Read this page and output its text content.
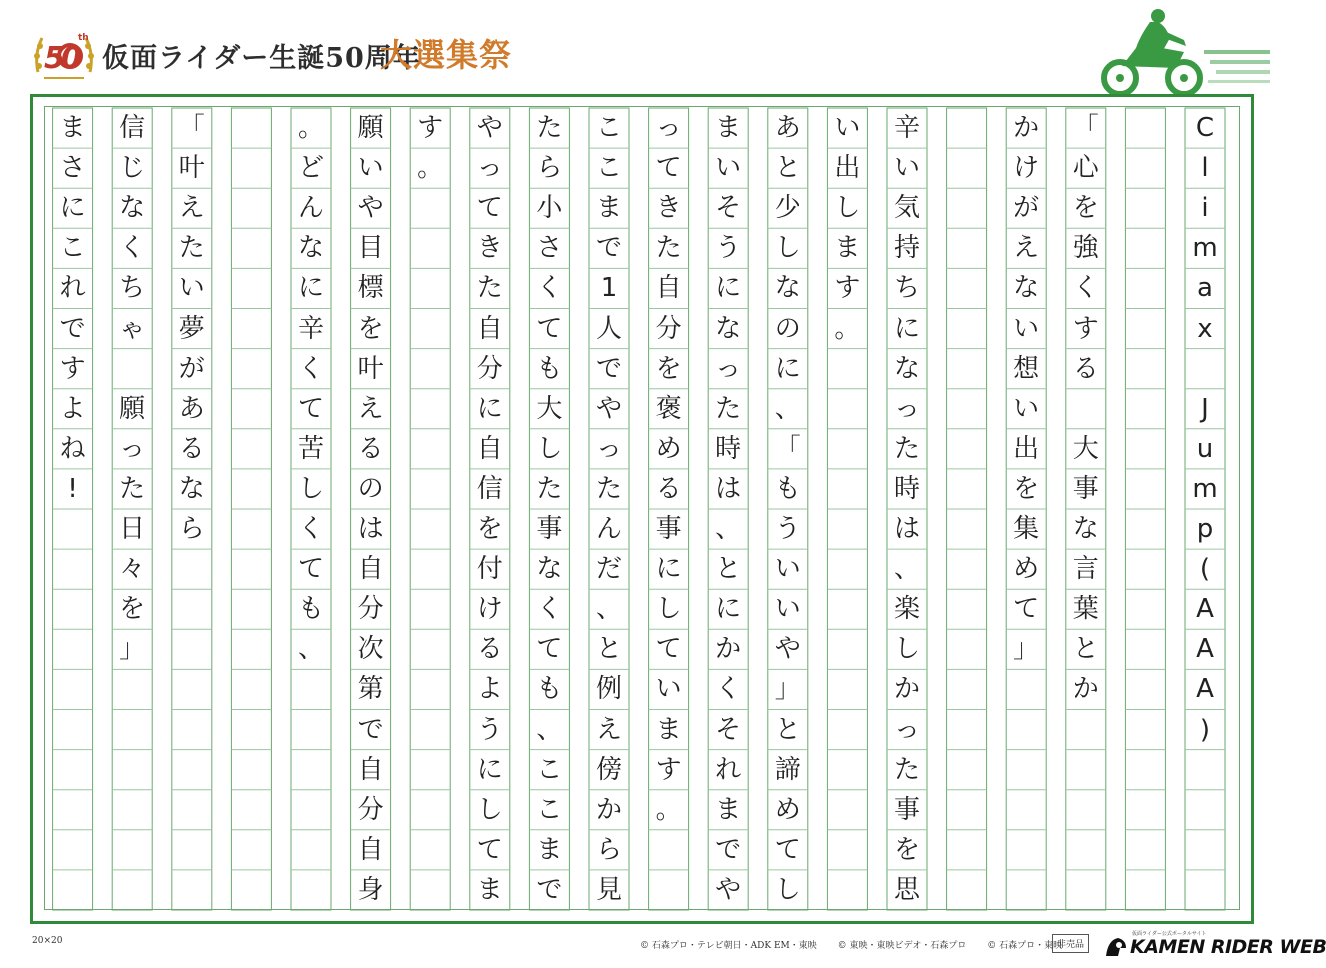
50
th
仮面ライダー生誕50周年
大選集祭
C
l
i
m
a
x
J
u
m
p
(
A
A
A
)
「
心
を
強
く
す
る
大
事
な
言
葉
と
か
か
け
が
え
な
い
想
い
出
を
集
め
て
」
辛
い
気
持
ち
に
な
っ
た
時
は
、
楽
し
か
っ
た
事
を
思
い
出
し
ま
す
。
あ
と
少
し
な
の
に
、
「
も
う
い
い
や
」
と
諦
め
て
し
ま
い
そ
う
に
な
っ
た
時
は
、
と
に
か
く
そ
れ
ま
で
や
っ
て
き
た
自
分
を
褒
め
る
事
に
し
て
い
ま
す
。
こ
こ
ま
で
1
人
で
や
っ
た
ん
だ
、
と
例
え
傍
か
ら
見
た
ら
小
さ
く
て
も
大
し
た
事
な
く
て
も
、
こ
こ
ま
で
や
っ
て
き
た
自
分
に
自
信
を
付
け
る
よ
う
に
し
て
ま
す
。
願
い
や
目
標
を
叶
え
る
の
は
自
分
次
第
で
自
分
自
身
。
ど
ん
な
に
辛
く
て
苦
し
く
て
も
、
「
叶
え
た
い
夢
が
あ
る
な
ら
信
じ
な
く
ち
ゃ
願
っ
た
日
々
を
」
ま
さ
に
こ
れ
で
す
よ
ね
!
20×20	© 石森プロ・テレビ朝日・ADK EM・東映 © 東映・東映ビデオ・石森プロ © 石森プロ・東映
非売品
仮面ライダー公式ポータルサイト
KAMEN RIDER WEB
